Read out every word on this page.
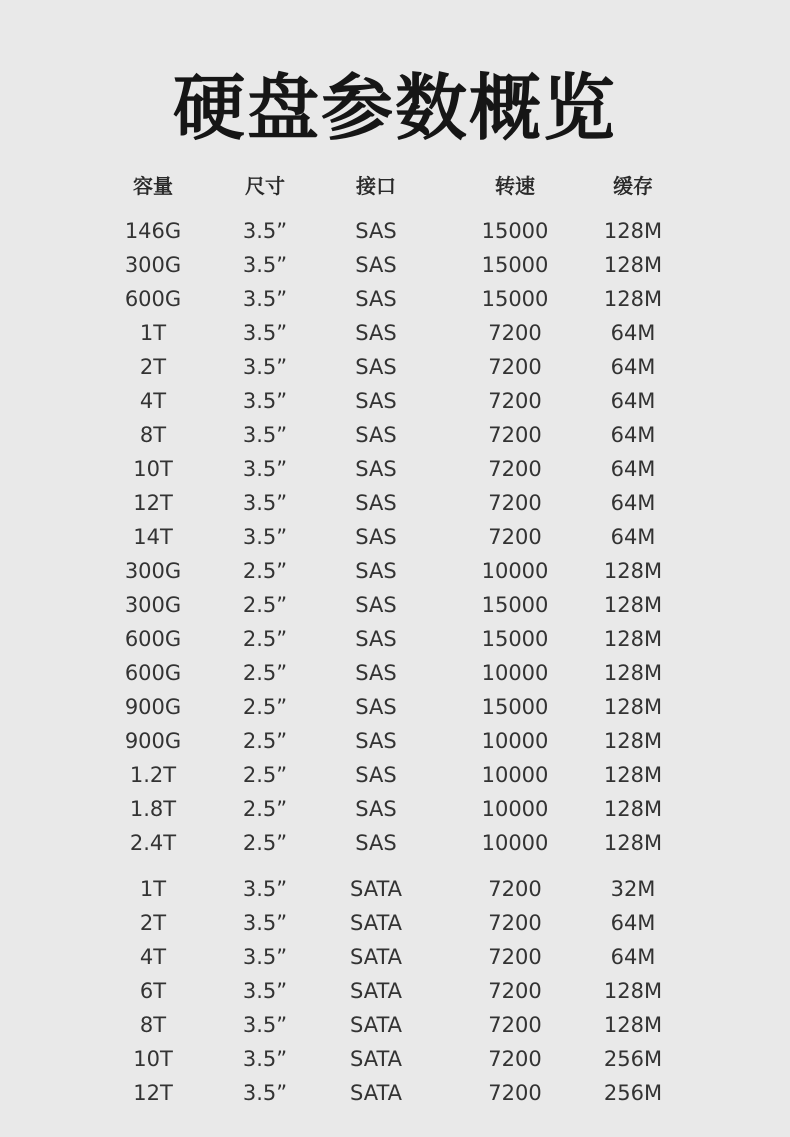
硬盘参数概览
容量	尺寸	接口	转速	缓存
146G	3.5”	SAS	15000	128M
300G	3.5”	SAS	15000	128M
600G	3.5”	SAS	15000	128M
1T	3.5”	SAS	7200	64M
2T	3.5”	SAS	7200	64M
4T	3.5”	SAS	7200	64M
8T	3.5”	SAS	7200	64M
10T	3.5”	SAS	7200	64M
12T	3.5”	SAS	7200	64M
14T	3.5”	SAS	7200	64M
300G	2.5”	SAS	10000	128M
300G	2.5”	SAS	15000	128M
600G	2.5”	SAS	15000	128M
600G	2.5”	SAS	10000	128M
900G	2.5”	SAS	15000	128M
900G	2.5”	SAS	10000	128M
1.2T	2.5”	SAS	10000	128M
1.8T	2.5”	SAS	10000	128M
2.4T	2.5”	SAS	10000	128M
1T	3.5”	SATA	7200	32M
2T	3.5”	SATA	7200	64M
4T	3.5”	SATA	7200	64M
6T	3.5”	SATA	7200	128M
8T	3.5”	SATA	7200	128M
10T	3.5”	SATA	7200	256M
12T	3.5”	SATA	7200	256M
